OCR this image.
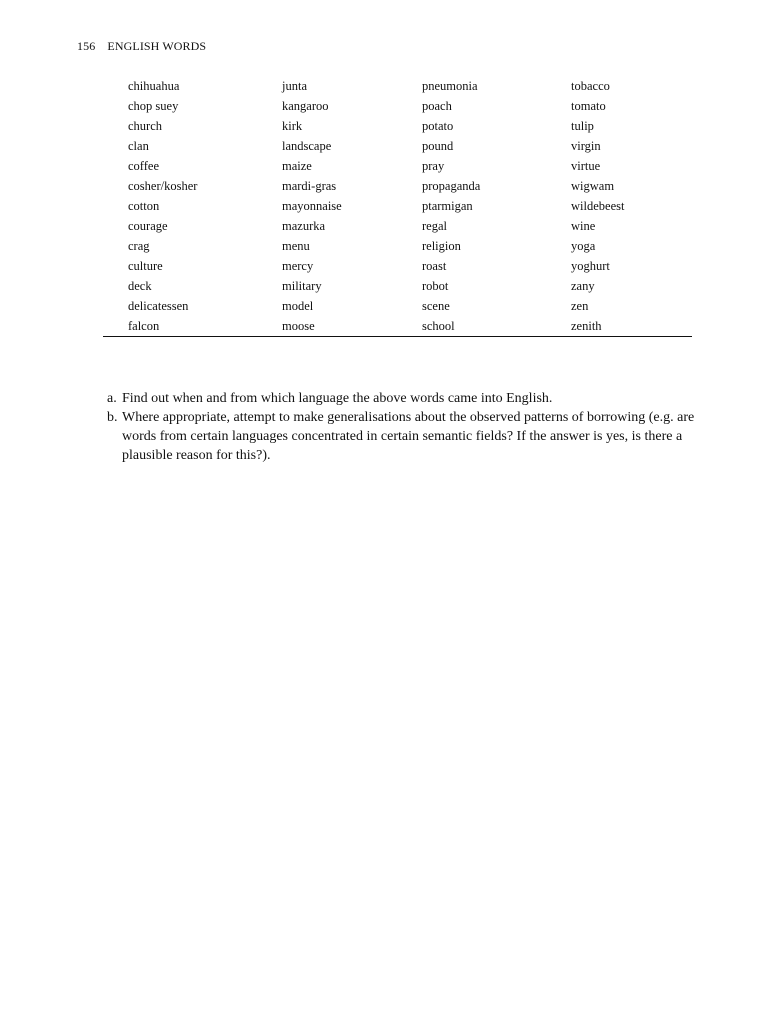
156 ENGLISH WORDS
chihuahua	junta	pneumonia	tobacco
chop suey	kangaroo	poach	tomato
church	kirk	potato	tulip
clan	landscape	pound	virgin
coffee	maize	pray	virtue
cosher/kosher	mardi-gras	propaganda	wigwam
cotton	mayonnaise	ptarmigan	wildebeest
courage	mazurka	regal	wine
crag	menu	religion	yoga
culture	mercy	roast	yoghurt
deck	military	robot	zany
delicatessen	model	scene	zen
falcon	moose	school	zenith
a. Find out when and from which language the above words came into English.
b. Where appropriate, attempt to make generalisations about the observed patterns of borrowing (e.g. are words from certain languages concentrated in certain semantic fields? If the answer is yes, is there a plausible reason for this?).
